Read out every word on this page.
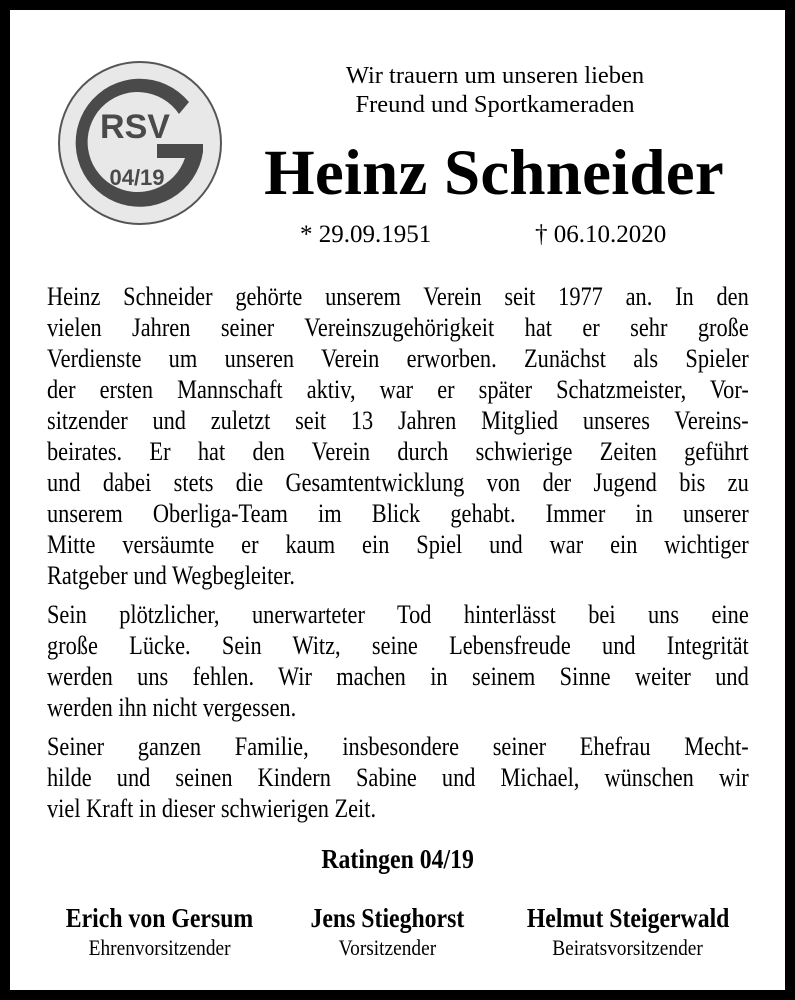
RSV
04/19
Wir trauern um unseren lieben
Freund und Sportkameraden
Heinz Schneider
* 29.09.1951	† 06.10.2020
Heinz Schneider gehörte unserem Verein seit 1977 an. In den
vielen Jahren seiner Vereinszugehörigkeit hat er sehr große
Verdienste um unseren Verein erworben. Zunächst als Spieler
der ersten Mannschaft aktiv, war er später Schatzmeister, Vor-
sitzender und zuletzt seit 13 Jahren Mitglied unseres Vereins-
beirates. Er hat den Verein durch schwierige Zeiten geführt
und dabei stets die Gesamtentwicklung von der Jugend bis zu
unserem Oberliga-Team im Blick gehabt. Immer in unserer
Mitte versäumte er kaum ein Spiel und war ein wichtiger
Ratgeber und Wegbegleiter.
Sein plötzlicher, unerwarteter Tod hinterlässt bei uns eine
große Lücke. Sein Witz, seine Lebensfreude und Integrität
werden uns fehlen. Wir machen in seinem Sinne weiter und
werden ihn nicht vergessen.
Seiner ganzen Familie, insbesondere seiner Ehefrau Mecht-
hilde und seinen Kindern Sabine und Michael, wünschen wir
viel Kraft in dieser schwierigen Zeit.
Ratingen 04/19
Erich von Gersum
Ehrenvorsitzender
Jens Stieghorst
Vorsitzender
Helmut Steigerwald
Beiratsvorsitzender
